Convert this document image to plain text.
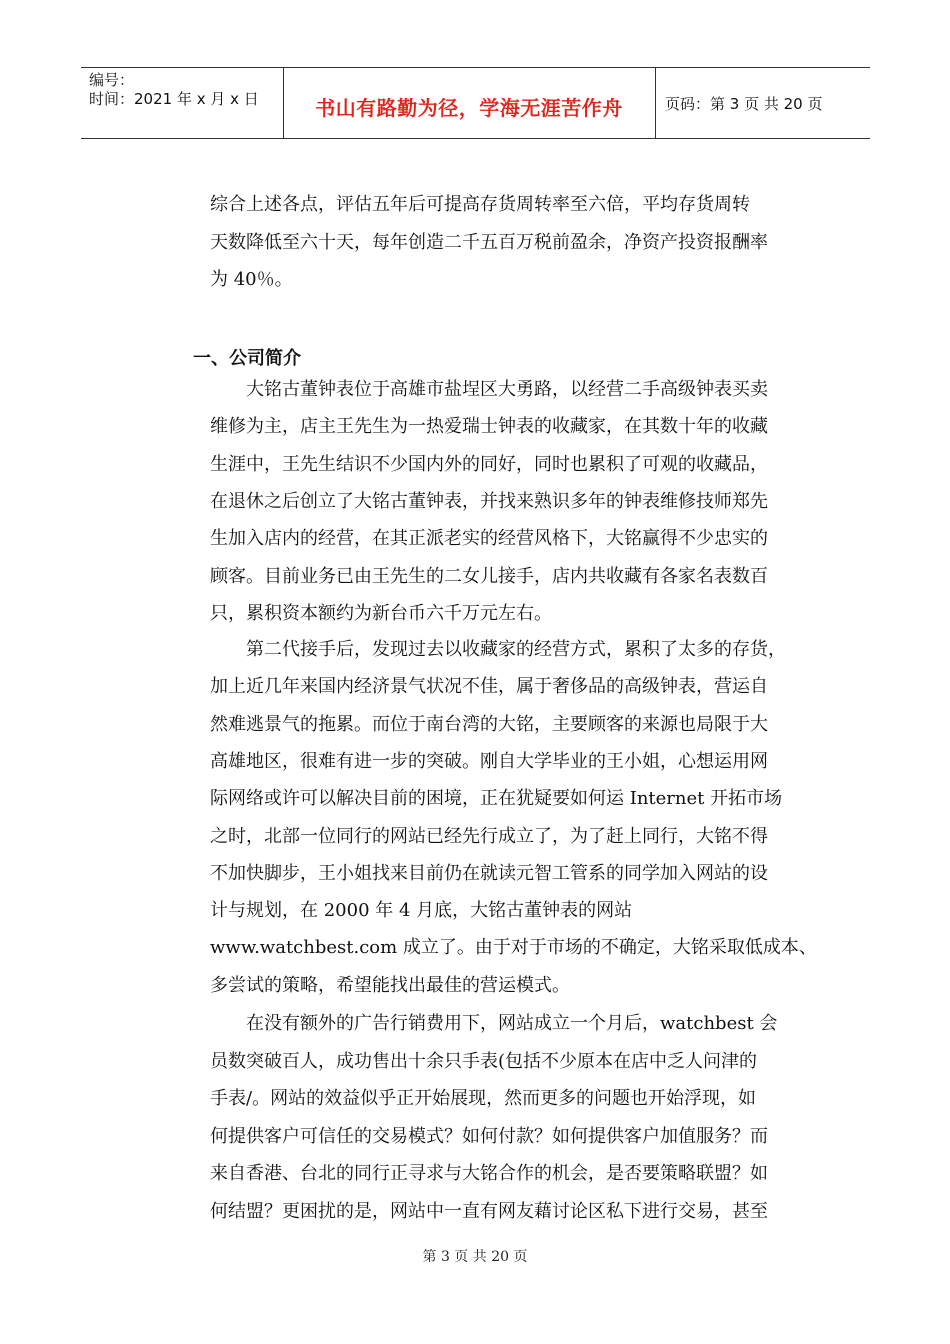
编号：
时间：2021 年 x 月 x 日	书山有路勤为径，学海无涯苦作舟	页码：第 3 页 共 20 页
综合上述各点，评估五年后可提高存货周转率至六倍，平均存货周转
天数降低至六十天，每年创造二千五百万税前盈余，净资产投资报酬率
为 40％。
一、公司简介
　　大铭古董钟表位于高雄市盐埕区大勇路，以经营二手高级钟表买卖
维修为主，店主王先生为一热爱瑞士钟表的收藏家，在其数十年的收藏
生涯中，王先生结识不少国内外的同好，同时也累积了可观的收藏品，
在退休之后创立了大铭古董钟表，并找来熟识多年的钟表维修技师郑先
生加入店内的经营，在其正派老实的经营风格下，大铭赢得不少忠实的
顾客。目前业务已由王先生的二女儿接手，店内共收藏有各家名表数百
只，累积资本额约为新台币六千万元左右。
　　第二代接手后，发现过去以收藏家的经营方式，累积了太多的存货，
加上近几年来国内经济景气状况不佳，属于奢侈品的高级钟表，营运自
然难逃景气的拖累。而位于南台湾的大铭，主要顾客的来源也局限于大
高雄地区，很难有进一步的突破。刚自大学毕业的王小姐，心想运用网
际网络或许可以解决目前的困境，正在犹疑要如何运 Internet 开拓市场
之时，北部一位同行的网站已经先行成立了，为了赶上同行，大铭不得
不加快脚步，王小姐找来目前仍在就读元智工管系的同学加入网站的设
计与规划，在 2000 年 4 月底，大铭古董钟表的网站
www.watchbest.com 成立了。由于对于市场的不确定，大铭采取低成本、
多尝试的策略，希望能找出最佳的营运模式。
　　在没有额外的广告行销费用下，网站成立一个月后，watchbest 会
员数突破百人，成功售出十余只手表(包括不少原本在店中乏人问津的
手表/。网站的效益似乎正开始展现，然而更多的问题也开始浮现，如
何提供客户可信任的交易模式？如何付款？如何提供客户加值服务？而
来自香港、台北的同行正寻求与大铭合作的机会，是否要策略联盟？如
何结盟？更困扰的是，网站中一直有网友藉讨论区私下进行交易，甚至
第 3 页 共 20 页
